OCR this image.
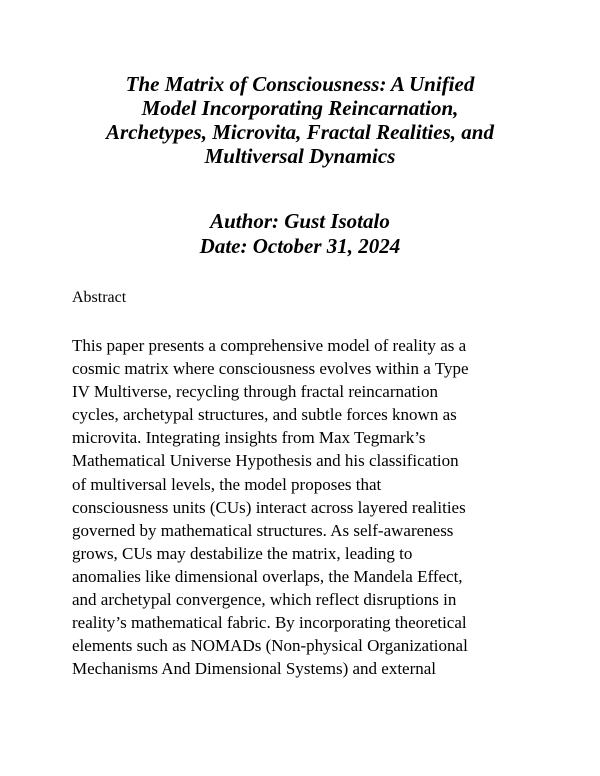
The Matrix of Consciousness: A Unified
Model Incorporating Reincarnation,
Archetypes, Microvita, Fractal Realities, and
Multiversal Dynamics
Author: Gust Isotalo
Date: October 31, 2024
Abstract
This paper presents a comprehensive model of reality as a
cosmic matrix where consciousness evolves within a Type
IV Multiverse, recycling through fractal reincarnation
cycles, archetypal structures, and subtle forces known as
microvita. Integrating insights from Max Tegmark’s
Mathematical Universe Hypothesis and his classification
of multiversal levels, the model proposes that
consciousness units (CUs) interact across layered realities
governed by mathematical structures. As self-awareness
grows, CUs may destabilize the matrix, leading to
anomalies like dimensional overlaps, the Mandela Effect,
and archetypal convergence, which reflect disruptions in
reality’s mathematical fabric. By incorporating theoretical
elements such as NOMADs (Non-physical Organizational
Mechanisms And Dimensional Systems) and external
